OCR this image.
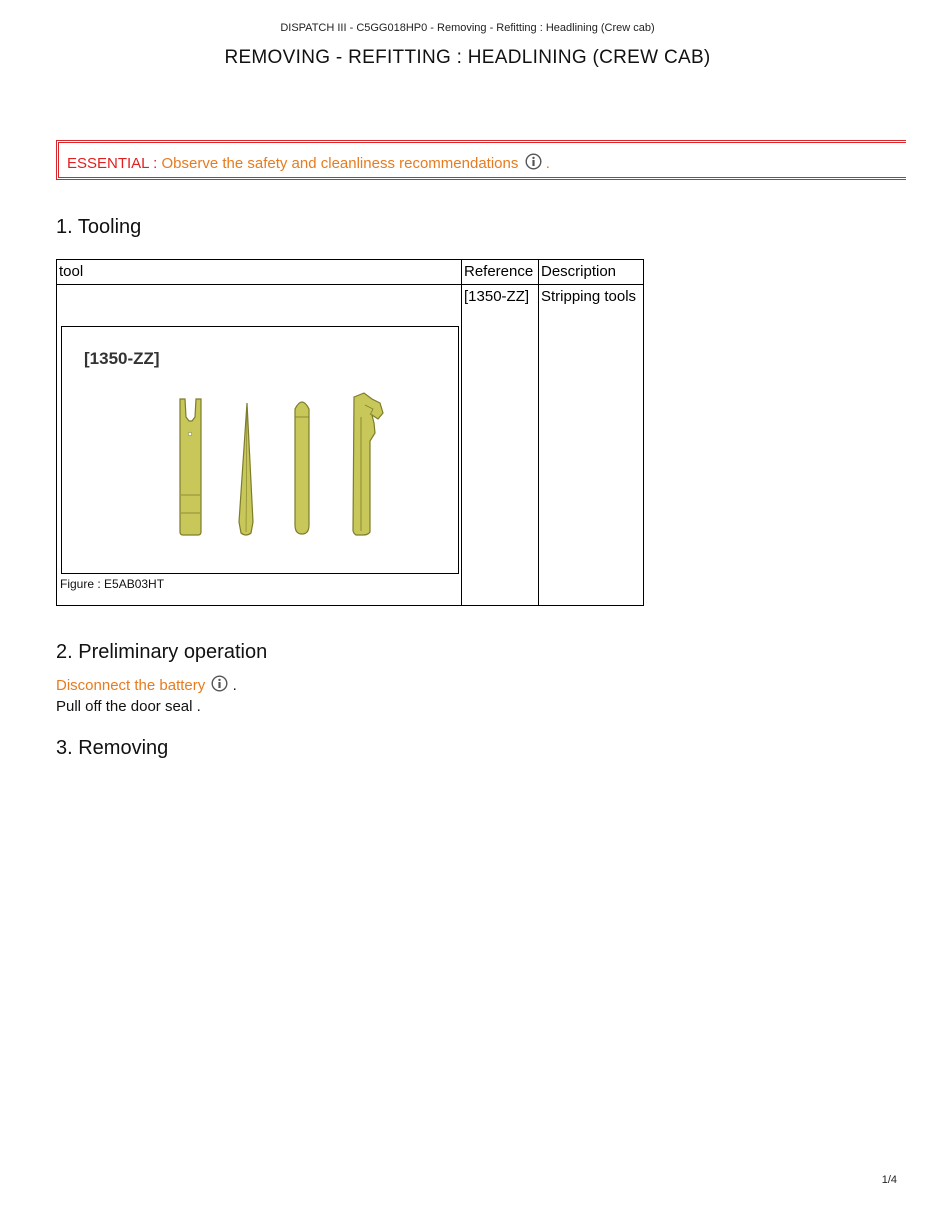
DISPATCH III - C5GG018HP0 - Removing - Refitting : Headlining (Crew cab)
REMOVING - REFITTING : HEADLINING (CREW CAB)
ESSENTIAL : Observe the safety and cleanliness recommendations .
1. Tooling
tool	Reference	Description

	[1350-ZZ]	Stripping tools
[1350-ZZ]
Figure : E5AB03HT
2. Preliminary operation
Disconnect the battery .
Pull off the door seal .
3. Removing
1/4
